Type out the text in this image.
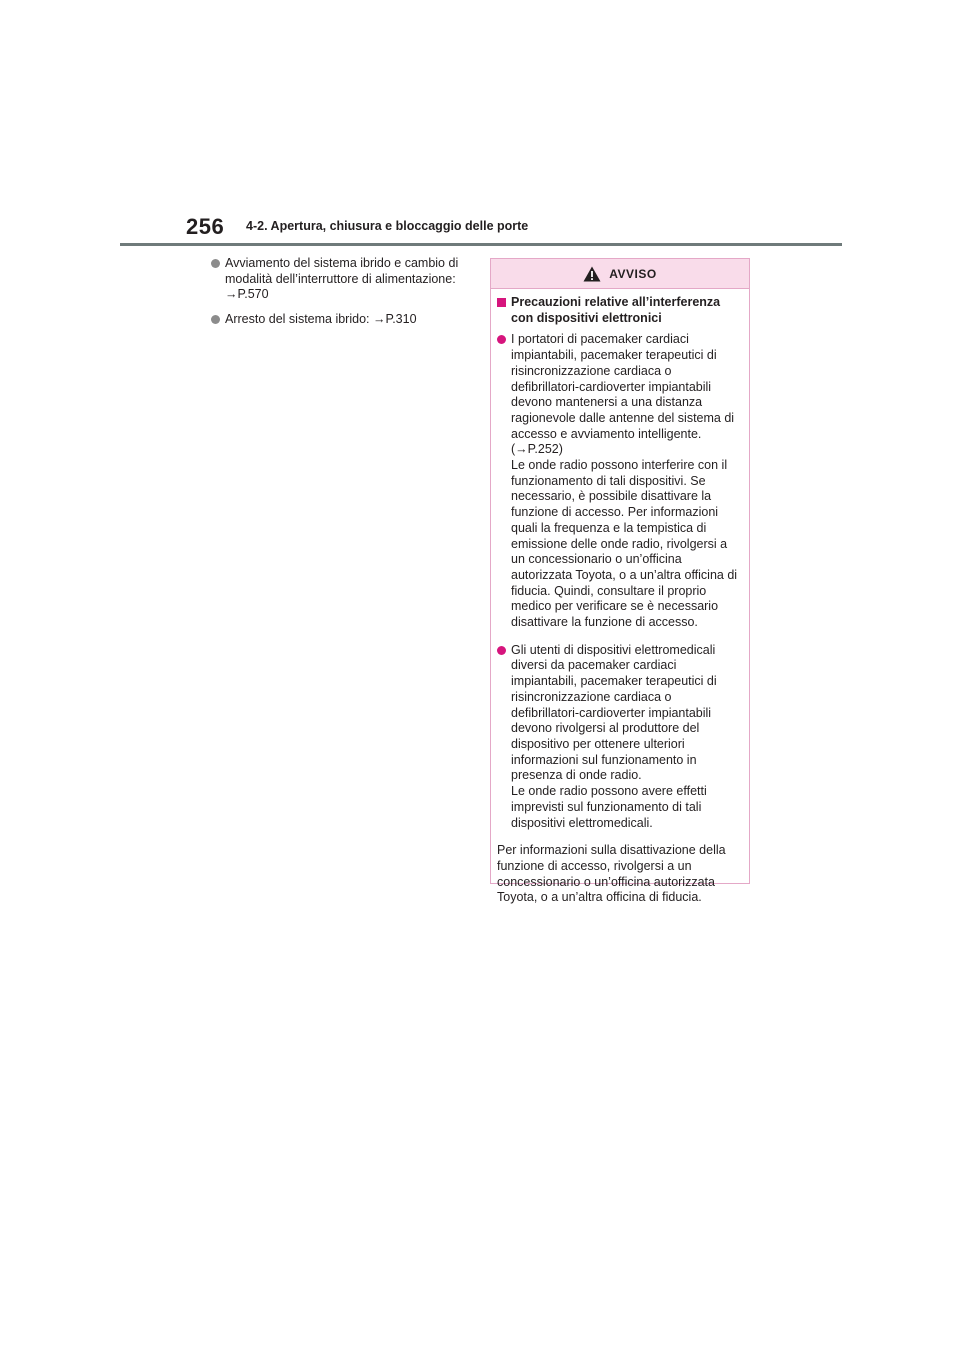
256 4-2. Apertura, chiusura e bloccaggio delle porte
Avviamento del sistema ibrido e cambio di modalità dell’interruttore di alimentazione: →P.570
Arresto del sistema ibrido: →P.310
AVVISO
Precauzioni relative all’interferenza con dispositivi elettronici
I portatori di pacemaker cardiaci impiantabili, pacemaker terapeutici di risincronizzazione cardiaca o defibrillatori-cardioverter impiantabili devono mantenersi a una distanza ragionevole dalle antenne del sistema di accesso e avviamento intelligente. (→P.252)
Le onde radio possono interferire con il funzionamento di tali dispositivi. Se necessario, è possibile disattivare la funzione di accesso. Per informazioni quali la frequenza e la tempistica di emissione delle onde radio, rivolgersi a un concessionario o un’officina autorizzata Toyota, o a un’altra officina di fiducia. Quindi, consultare il proprio medico per verificare se è necessario disattivare la funzione di accesso.
Gli utenti di dispositivi elettromedicali diversi da pacemaker cardiaci impiantabili, pacemaker terapeutici di risincronizzazione cardiaca o defibrillatori-cardioverter impiantabili devono rivolgersi al produttore del dispositivo per ottenere ulteriori informazioni sul funzionamento in presenza di onde radio.
Le onde radio possono avere effetti imprevisti sul funzionamento di tali dispositivi elettromedicali.
Per informazioni sulla disattivazione della funzione di accesso, rivolgersi a un concessionario o un’officina autorizzata Toyota, o a un’altra officina di fiducia.
